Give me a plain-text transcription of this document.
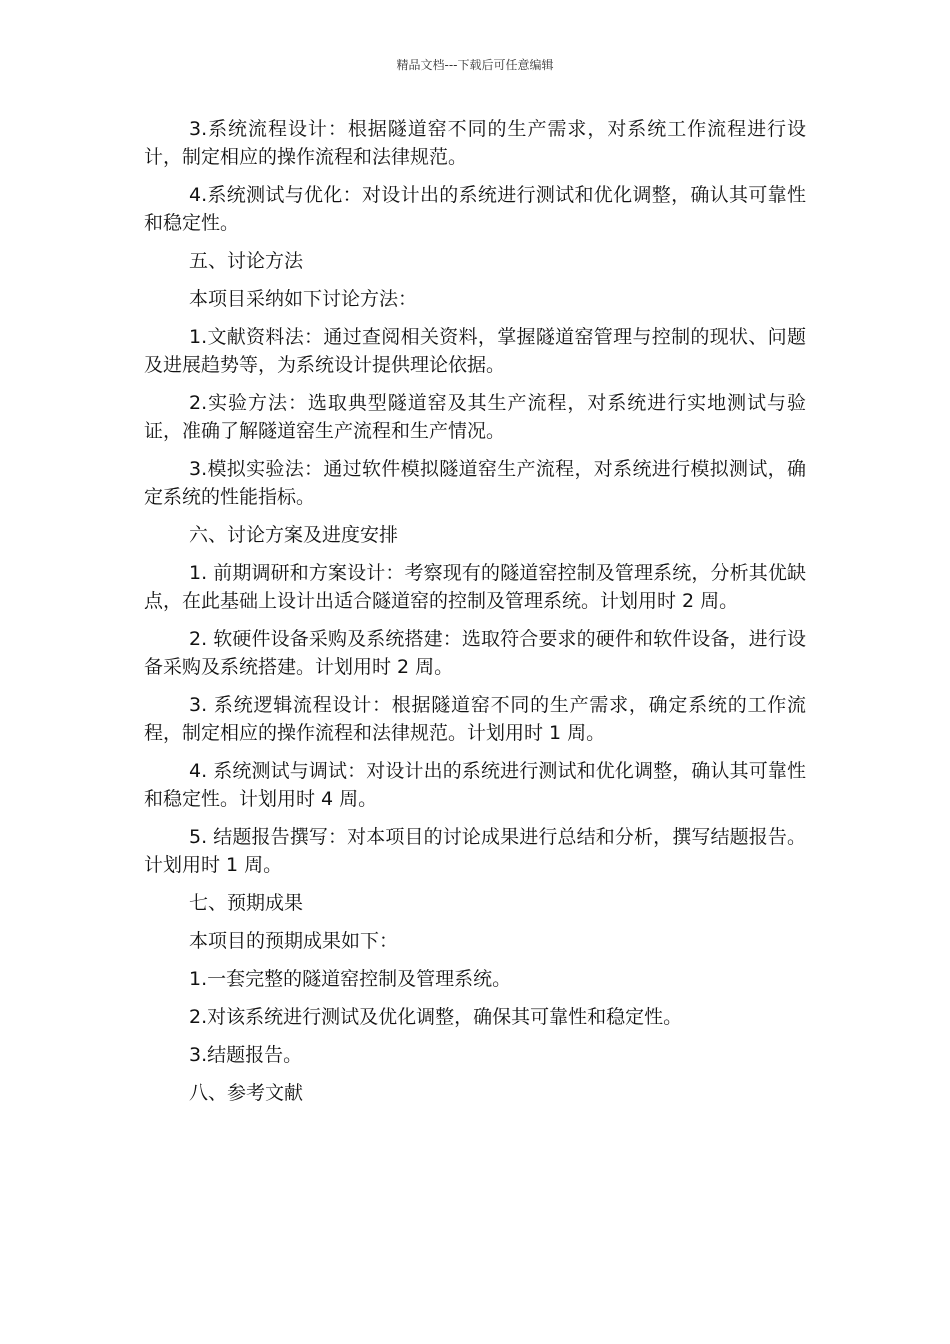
精品文档---下载后可任意编辑

3.系统流程设计：根据隧道窑不同的生产需求，对系统工作流程进行设计，制定相应的操作流程和法律规范。

4.系统测试与优化：对设计出的系统进行测试和优化调整，确认其可靠性和稳定性。

五、讨论方法

本项目采纳如下讨论方法：

1.文献资料法：通过查阅相关资料，掌握隧道窑管理与控制的现状、问题及进展趋势等，为系统设计提供理论依据。

2.实验方法：选取典型隧道窑及其生产流程，对系统进行实地测试与验证，准确了解隧道窑生产流程和生产情况。

3.模拟实验法：通过软件模拟隧道窑生产流程，对系统进行模拟测试，确定系统的性能指标。

六、讨论方案及进度安排

1. 前期调研和方案设计：考察现有的隧道窑控制及管理系统，分析其优缺点，在此基础上设计出适合隧道窑的控制及管理系统。计划用时 2 周。

2. 软硬件设备采购及系统搭建：选取符合要求的硬件和软件设备，进行设备采购及系统搭建。计划用时 2 周。

3. 系统逻辑流程设计：根据隧道窑不同的生产需求，确定系统的工作流程，制定相应的操作流程和法律规范。计划用时 1 周。

4. 系统测试与调试：对设计出的系统进行测试和优化调整，确认其可靠性和稳定性。计划用时 4 周。

5. 结题报告撰写：对本项目的讨论成果进行总结和分析，撰写结题报告。计划用时 1 周。

七、预期成果

本项目的预期成果如下：

1.一套完整的隧道窑控制及管理系统。

2.对该系统进行测试及优化调整，确保其可靠性和稳定性。

3.结题报告。

八、参考文献
